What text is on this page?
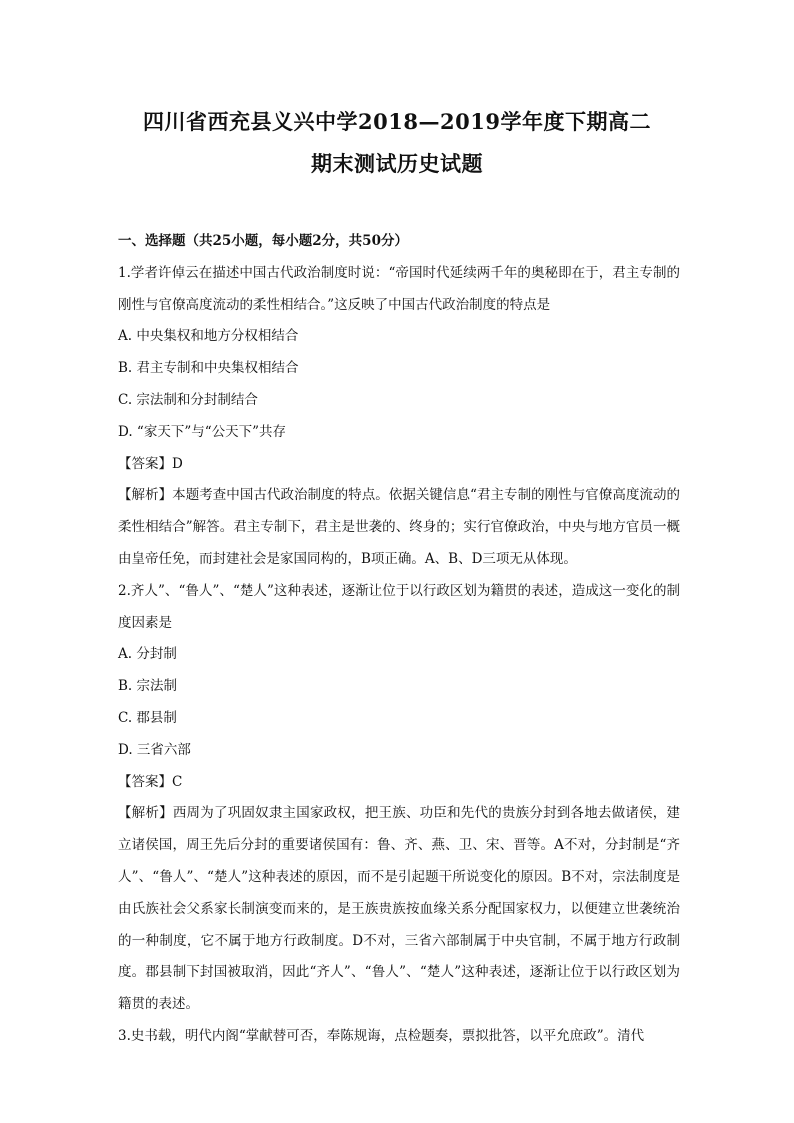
四川省西充县义兴中学2018—2019学年度下期高二
期末测试历史试题

一、选择题（共25小题，每小题2分，共50分）

1.学者许倬云在描述中国古代政治制度时说：“帝国时代延续两千年的奥秘即在于，君主专制的刚性与官僚高度流动的柔性相结合。”这反映了中国古代政治制度的特点是

A. 中央集权和地方分权相结合

B. 君主专制和中央集权相结合

C. 宗法制和分封制结合

D. “家天下”与“公天下”共存

【答案】D

【解析】本题考查中国古代政治制度的特点。依据关键信息“君主专制的刚性与官僚高度流动的柔性相结合”解答。君主专制下，君主是世袭的、终身的；实行官僚政治，中央与地方官员一概由皇帝任免，而封建社会是家国同构的，B项正确。A、B、D三项无从体现。

2.齐人”、“鲁人”、“楚人”这种表述，逐渐让位于以行政区划为籍贯的表述，造成这一变化的制度因素是

A. 分封制

B. 宗法制

C. 郡县制

D. 三省六部

【答案】C

【解析】西周为了巩固奴隶主国家政权，把王族、功臣和先代的贵族分封到各地去做诸侯，建立诸侯国，周王先后分封的重要诸侯国有：鲁、齐、燕、卫、宋、晋等。A不对，分封制是“齐人”、“鲁人”、“楚人”这种表述的原因，而不是引起题干所说变化的原因。B不对，宗法制度是由氏族社会父系家长制演变而来的，是王族贵族按血缘关系分配国家权力，以便建立世袭统治的一种制度，它不属于地方行政制度。D不对，三省六部制属于中央官制，不属于地方行政制度。郡县制下封国被取消，因此“齐人”、“鲁人”、“楚人”这种表述，逐渐让位于以行政区划为籍贯的表述。

3.史书载，明代内阁“掌献替可否，奉陈规诲，点检题奏，票拟批答，以平允庶政”。清代
